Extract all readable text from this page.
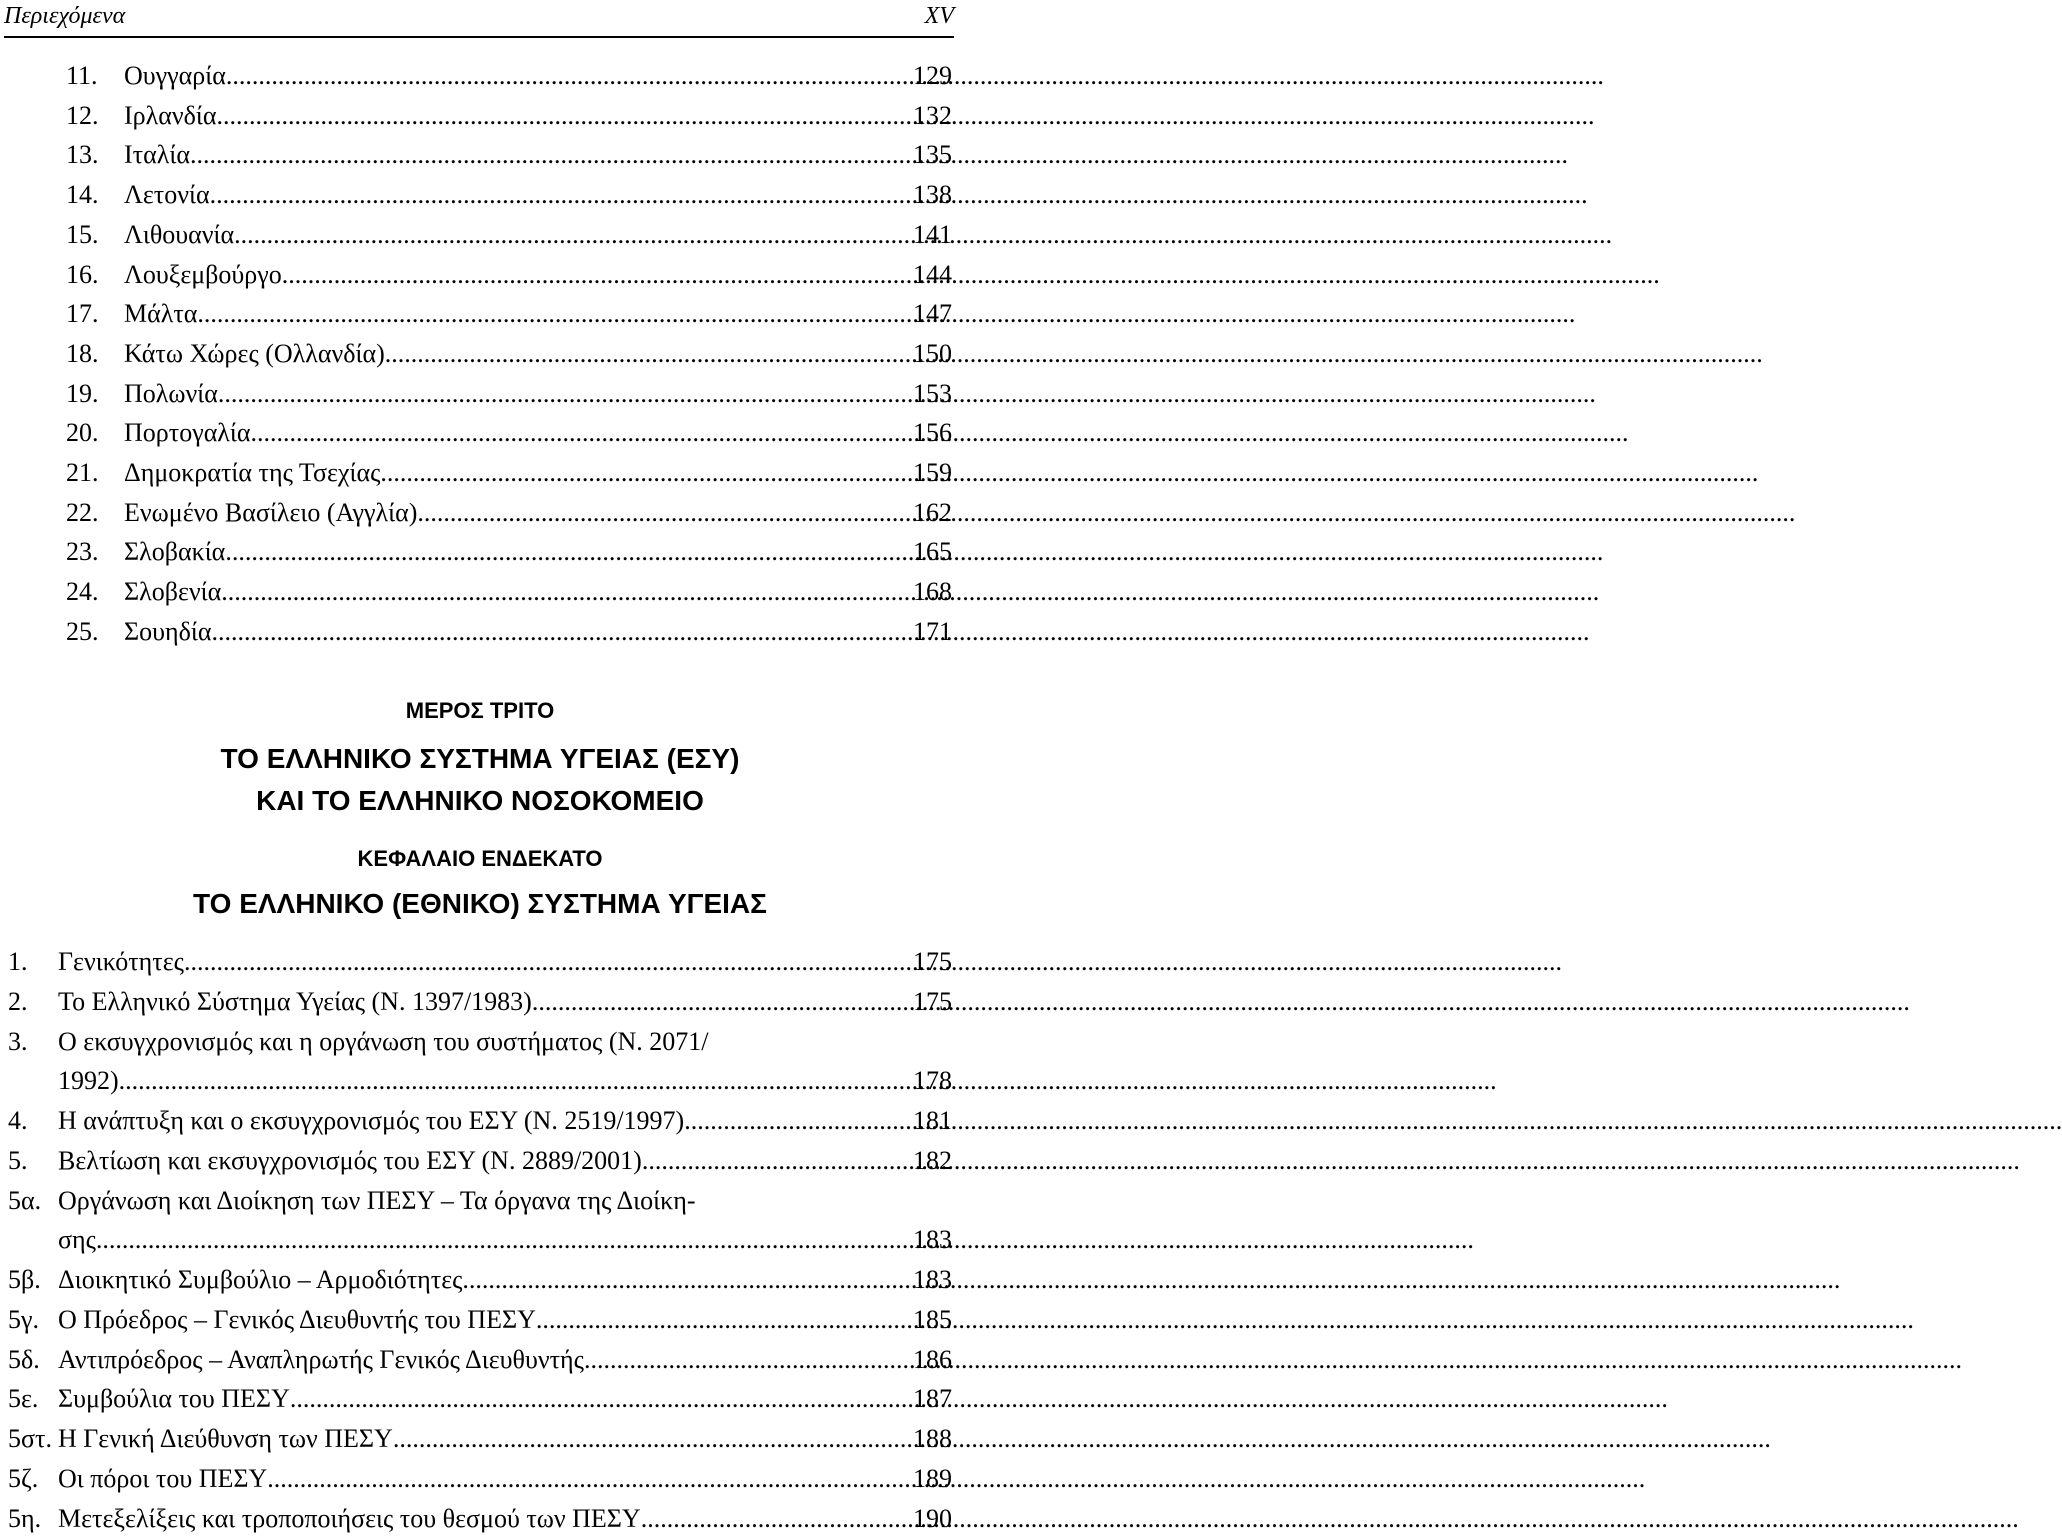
Περιεχόμενα	XV
11.	Ουγγαρία .....	129
12. Ιρλανδία .....	132
13. Ιταλία .....	135
14. Λετονία .....	138
15. Λιθουανία .....	141
16. Λουξεμβούργο .....	144
17. Μάλτα .....	147
18. Κάτω Χώρες (Ολλανδία) .....	150
19. Πολωνία .....	153
20. Πορτογαλία .....	156
21. Δημοκρατία της Τσεχίας .....	159
22. Ενωμένο Βασίλειο (Αγγλία) .....	162
23. Σλοβακία .....	165
24. Σλοβενία .....	168
25. Σουηδία .....	171
ΜΕΡΟΣ ΤΡΙΤΟ
ΤΟ ΕΛΛΗΝΙΚΟ ΣΥΣΤΗΜΑ ΥΓΕΙΑΣ (ΕΣΥ)
ΚΑΙ ΤΟ ΕΛΛΗΝΙΚΟ ΝΟΣΟΚΟΜΕΙΟ
ΚΕΦΑΛΑΙΟ ΕΝΔΕΚΑΤΟ
ΤΟ ΕΛΛΗΝΙΚΟ (ΕΘΝΙΚΟ) ΣΥΣΤΗΜΑ ΥΓΕΙΑΣ
1.	Γενικότητες .....	175
2.	Το Ελληνικό Σύστημα Υγείας (Ν. 1397/1983) .....	175
3.	Ο εκσυγχρονισμός και η οργάνωση του συστήματος (Ν. 2071/
1992) .....	178
4.	Η ανάπτυξη και ο εκσυγχρονισμός του ΕΣΥ (Ν. 2519/1997) .....	181
5.	Βελτίωση και εκσυγχρονισμός του ΕΣΥ (Ν. 2889/2001) .....	182
5α. Οργάνωση και Διοίκηση των ΠΕΣΥ – Τα όργανα της Διοίκη-
σης .....	183
5β. Διοικητικό Συμβούλιο – Αρμοδιότητες .....	183
5γ. Ο Πρόεδρος – Γενικός Διευθυντής του ΠΕΣΥ .....	185
5δ. Αντιπρόεδρος – Αναπληρωτής Γενικός Διευθυντής .....	186
5ε. Συμβούλια του ΠΕΣΥ .....	187
5στ. Η Γενική Διεύθυνση των ΠΕΣΥ .....	188
5ζ. Οι πόροι του ΠΕΣΥ .....	189
5η. Μετεξελίξεις και τροποποιήσεις του θεσμού των ΠΕΣΥ .....	190
